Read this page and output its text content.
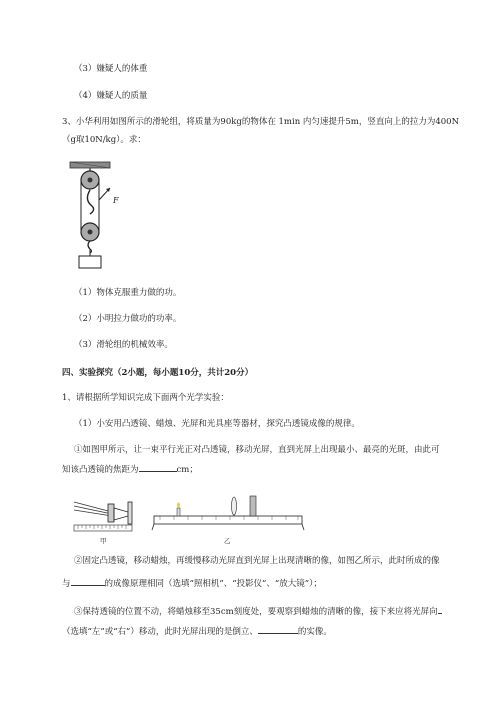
（3）嫌疑人的体重
（4）嫌疑人的质量
3、小华利用如图所示的滑轮组，将质量为90kg的物体在 1min 内匀速提升5m，竖直向上的拉力为400N
（g取10N/kg）。求：
F
（1）物体克服重力做的功。
（2）小明拉力做功的功率。
（3）滑轮组的机械效率。
四、实验探究（2小题，每小题10分，共计20分）
1、请根据所学知识完成下面两个光学实验：
（1）小安用凸透镜、蜡烛、光屏和光具座等器材，探究凸透镜成像的规律。
①如图甲所示，让一束平行光正对凸透镜，移动光屏，直到光屏上出现最小、最亮的光斑，由此可
知该凸透镜的焦距为	cm；
甲	乙
②固定凸透镜，移动蜡烛，再缓慢移动光屏直到光屏上出现清晰的像，如图乙所示，此时所成的像
与	的成像原理相同（选填“照相机”、“投影仪”、“放大镜”）；
③保持透镜的位置不动，将蜡烛移至35cm刻度处，要观察到蜡烛的清晰的像，接下来应将光屏向
（选填“左”或“右”）移动，此时光屏出现的是倒立、	的实像。
